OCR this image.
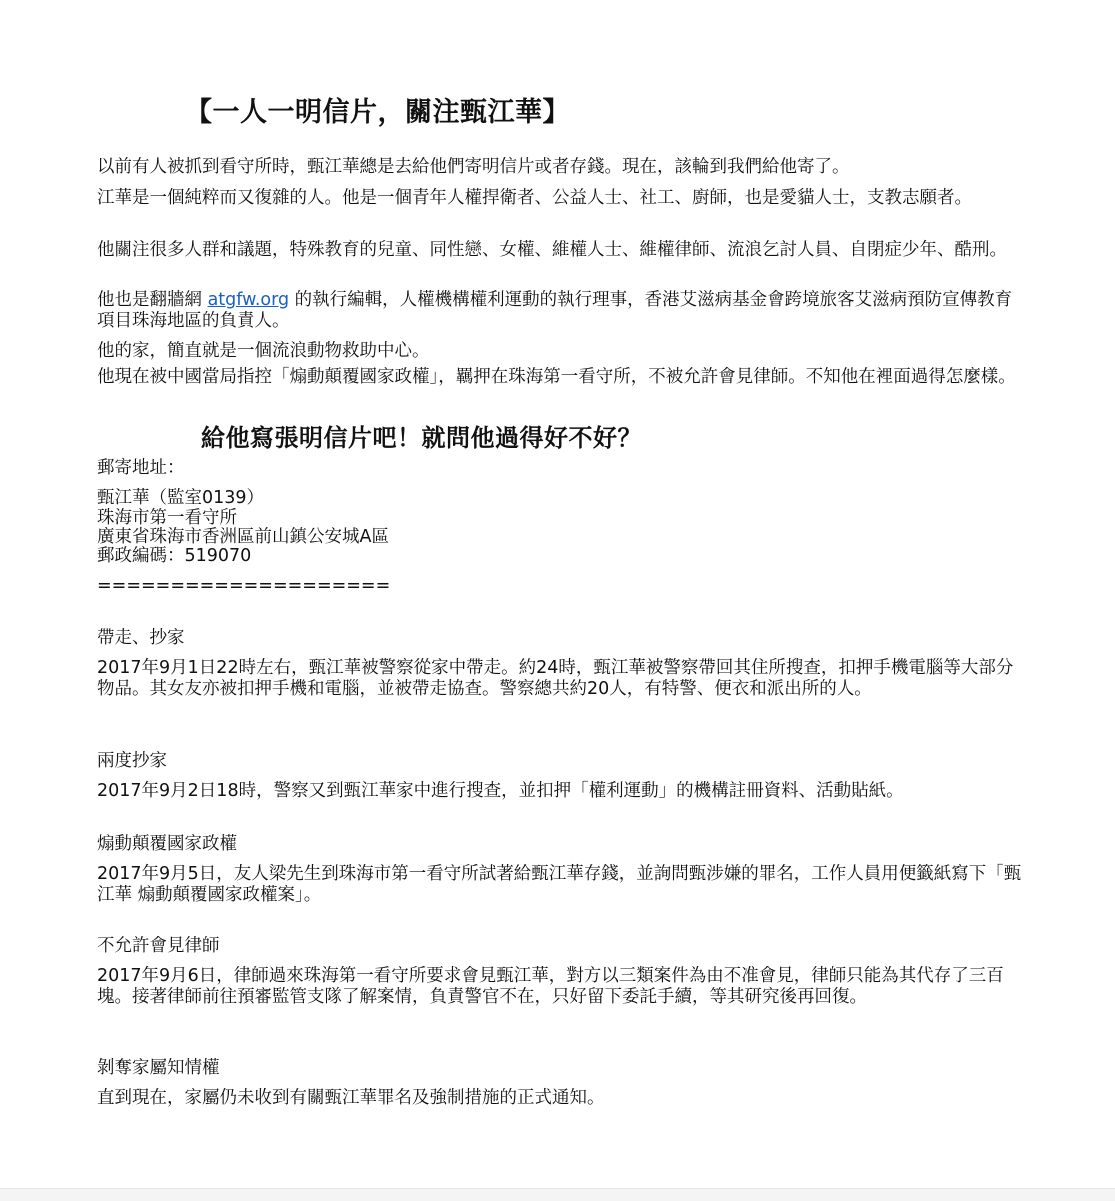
【一人一明信片，關注甄江華】
以前有人被抓到看守所時，甄江華總是去給他們寄明信片或者存錢。現在，該輪到我們給他寄了。
江華是一個純粹而又復雜的人。他是一個青年人權捍衛者、公益人士、社工、廚師，也是愛貓人士，支教志願者。
他關注很多人群和議題，特殊教育的兒童、同性戀、女權、維權人士、維權律師、流浪乞討人員、自閉症少年、酷刑。
他也是翻牆網 atgfw.org 的執行編輯，人權機構權利運動的執行理事，香港艾滋病基金會跨境旅客艾滋病預防宣傳教育項目珠海地區的負責人。
他的家，簡直就是一個流浪動物救助中心。
他現在被中國當局指控「煽動顛覆國家政權」，羈押在珠海第一看守所，不被允許會見律師。不知他在裡面過得怎麼樣。
給他寫張明信片吧！就問他過得好不好？
郵寄地址：
甄江華（監室0139）
珠海市第一看守所
廣東省珠海市香洲區前山鎮公安城A區
郵政編碼：519070
====================
帶走、抄家
2017年9月1日22時左右，甄江華被警察從家中帶走。約24時，甄江華被警察帶回其住所搜查，扣押手機電腦等大部分物品。其女友亦被扣押手機和電腦，並被帶走協查。警察總共約20人，有特警、便衣和派出所的人。
兩度抄家
2017年9月2日18時，警察又到甄江華家中進行搜查，並扣押「權利運動」的機構註冊資料、活動貼紙。
煽動顛覆國家政權
2017年9月5日，友人梁先生到珠海市第一看守所試著給甄江華存錢，並詢問甄涉嫌的罪名，工作人員用便籤紙寫下「甄江華 煽動顛覆國家政權案」。
不允許會見律師
2017年9月6日，律師過來珠海第一看守所要求會見甄江華，對方以三類案件為由不准會見，律師只能為其代存了三百塊。接著律師前往預審監管支隊了解案情，負責警官不在，只好留下委託手續，等其研究後再回復。
剝奪家屬知情權
直到現在，家屬仍未收到有關甄江華罪名及強制措施的正式通知。
